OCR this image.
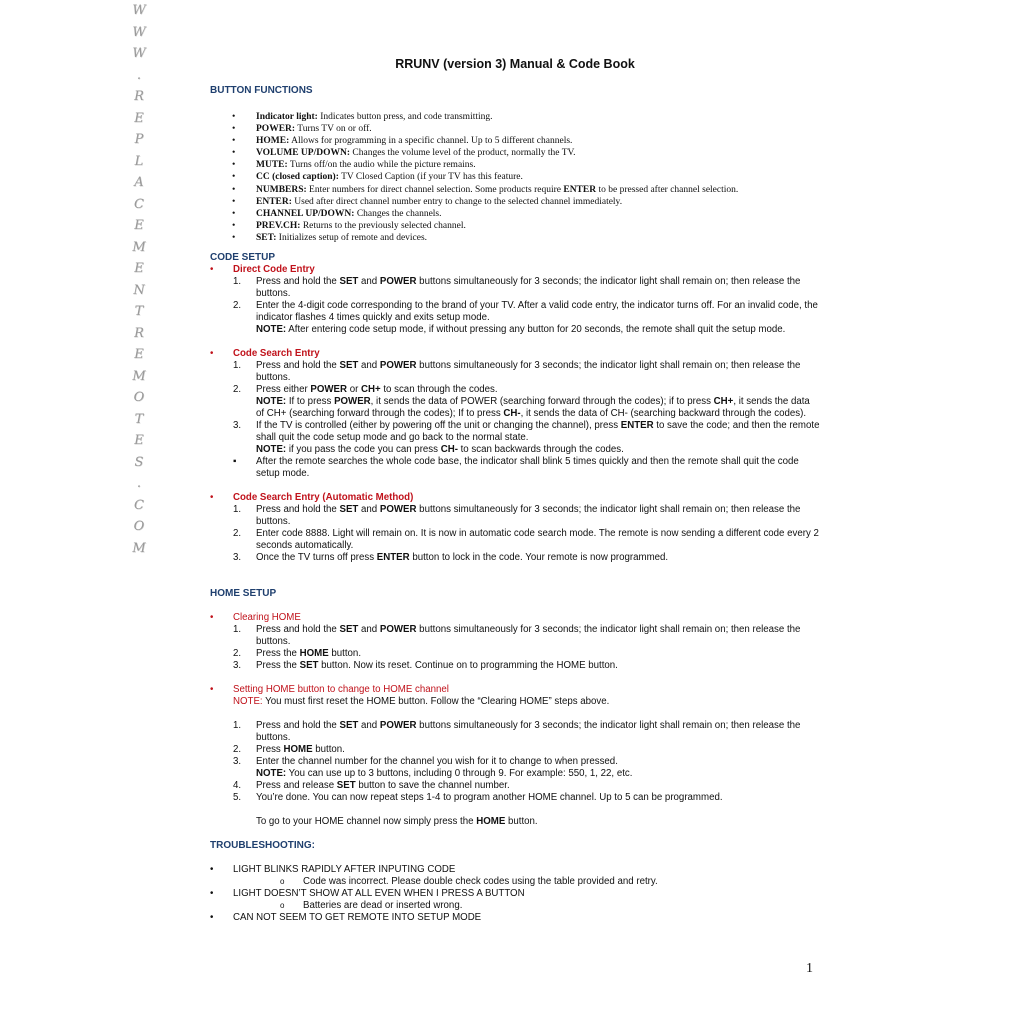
W
W
W
.
R
E
P
L
A
C
E
M
E
N
T
R
E
M
O
T
E
S
.
C
O
M
RRUNV (version 3) Manual & Code Book
BUTTON FUNCTIONS
• Indicator light: Indicates button press, and code transmitting.
• POWER: Turns TV on or off.
• HOME: Allows for programming in a specific channel. Up to 5 different channels.
• VOLUME UP/DOWN: Changes the volume level of the product, normally the TV.
• MUTE: Turns off/on the audio while the picture remains.
• CC (closed caption): TV Closed Caption (if your TV has this feature.
• NUMBERS: Enter numbers for direct channel selection. Some products require ENTER to be pressed after channel selection.
• ENTER: Used after direct channel number entry to change to the selected channel immediately.
• CHANNEL UP/DOWN: Changes the channels.
• PREV.CH: Returns to the previously selected channel.
• SET: Initializes setup of remote and devices.
CODE SETUP
• Direct Code Entry
1. Press and hold the SET and POWER buttons simultaneously for 3 seconds; the indicator light shall remain on; then release the buttons.
2. Enter the 4-digit code corresponding to the brand of your TV. After a valid code entry, the indicator turns off. For an invalid code, the indicator flashes 4 times quickly and exits setup mode.
NOTE: After entering code setup mode, if without pressing any button for 20 seconds, the remote shall quit the setup mode.
• Code Search Entry
1. Press and hold the SET and POWER buttons simultaneously for 3 seconds; the indicator light shall remain on; then release the buttons.
2. Press either POWER or CH+ to scan through the codes.
NOTE: If to press POWER, it sends the data of POWER (searching forward through the codes); if to press CH+, it sends the data of CH+ (searching forward through the codes); If to press CH-, it sends the data of CH- (searching backward through the codes).
3. If the TV is controlled (either by powering off the unit or changing the channel), press ENTER to save the code; and then the remote shall quit the code setup mode and go back to the normal state.
NOTE: if you pass the code you can press CH- to scan backwards through the codes.
▪ After the remote searches the whole code base, the indicator shall blink 5 times quickly and then the remote shall quit the code setup mode.
• Code Search Entry (Automatic Method)
1. Press and hold the SET and POWER buttons simultaneously for 3 seconds; the indicator light shall remain on; then release the buttons.
2. Enter code 8888. Light will remain on. It is now in automatic code search mode. The remote is now sending a different code every 2 seconds automatically.
3. Once the TV turns off press ENTER button to lock in the code. Your remote is now programmed.
HOME SETUP
• Clearing HOME
1. Press and hold the SET and POWER buttons simultaneously for 3 seconds; the indicator light shall remain on; then release the buttons.
2. Press the HOME button.
3. Press the SET button. Now its reset. Continue on to programming the HOME button.
• Setting HOME button to change to HOME channel
NOTE: You must first reset the HOME button. Follow the “Clearing HOME” steps above.
1. Press and hold the SET and POWER buttons simultaneously for 3 seconds; the indicator light shall remain on; then release the buttons.
2. Press HOME button.
3. Enter the channel number for the channel you wish for it to change to when pressed.
NOTE: You can use up to 3 buttons, including 0 through 9. For example: 550, 1, 22, etc.
4. Press and release SET button to save the channel number.
5. You’re done. You can now repeat steps 1-4 to program another HOME channel. Up to 5 can be programmed.
To go to your HOME channel now simply press the HOME button.
TROUBLESHOOTING:
• LIGHT BLINKS RAPIDLY AFTER INPUTING CODE
o Code was incorrect. Please double check codes using the table provided and retry.
• LIGHT DOESN’T SHOW AT ALL EVEN WHEN I PRESS A BUTTON
o Batteries are dead or inserted wrong.
• CAN NOT SEEM TO GET REMOTE INTO SETUP MODE
1
